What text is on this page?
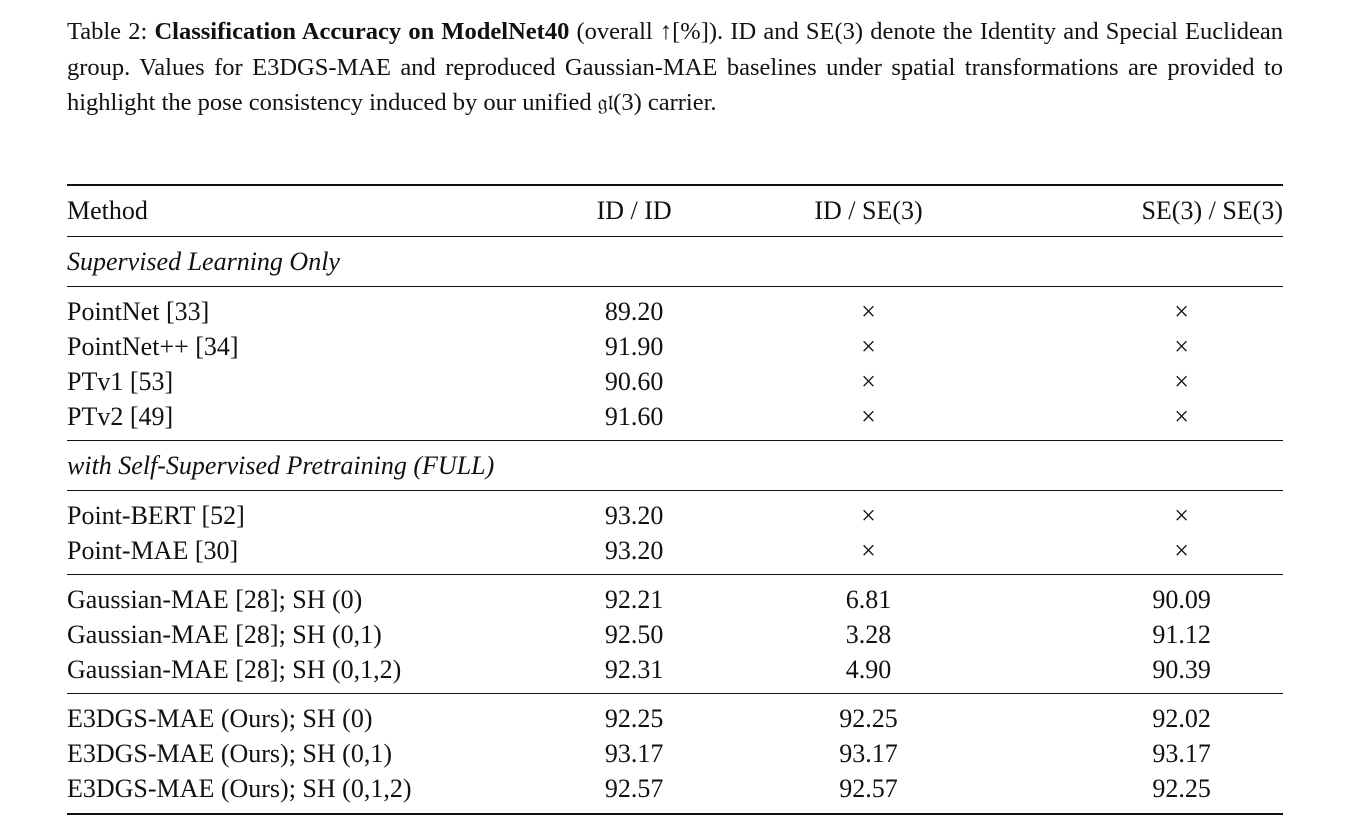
Table 2: Classification Accuracy on ModelNet40 (overall ↑[%]). ID and SE(3) denote the Identity and Special Euclidean group. Values for E3DGS-MAE and reproduced Gaussian-MAE baselines under spatial transformations are provided to highlight the pose consistency induced by our unified 𝔤𝔩(3) carrier.
Method	ID / ID	ID / SE(3)	SE(3) / SE(3)
Supervised Learning Only			
PointNet [33]	89.20	×	×
PointNet++ [34]	91.90	×	×
PTv1 [53]	90.60	×	×
PTv2 [49]	91.60	×	×
with Self-Supervised Pretraining (FULL)			
Point-BERT [52]	93.20	×	×
Point-MAE [30]	93.20	×	×
Gaussian-MAE [28]; SH (0)	92.21	6.81	90.09
Gaussian-MAE [28]; SH (0,1)	92.50	3.28	91.12
Gaussian-MAE [28]; SH (0,1,2)	92.31	4.90	90.39
E3DGS-MAE (Ours); SH (0)	92.25	92.25	92.02
E3DGS-MAE (Ours); SH (0,1)	93.17	93.17	93.17
E3DGS-MAE (Ours); SH (0,1,2)	92.57	92.57	92.25
